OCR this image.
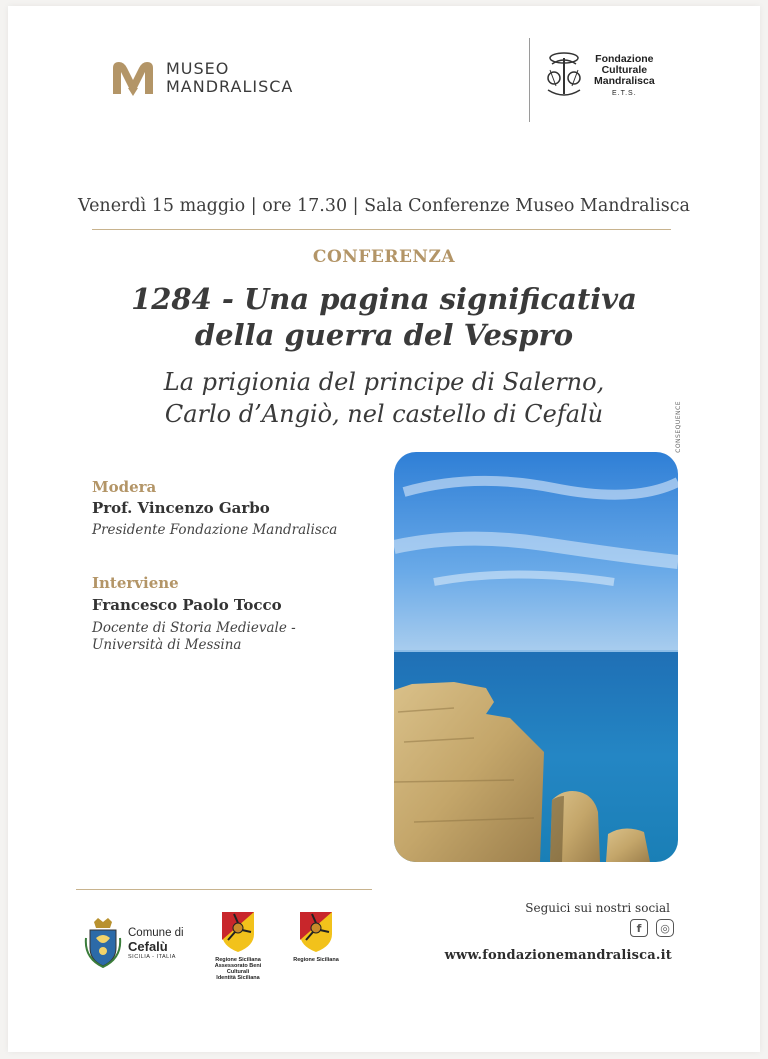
MUSEO
MANDRALISCA
Fondazione
Culturale
Mandralisca
E.T.S.
Venerdì 15 maggio | ore 17.30 | Sala Conferenze Museo Mandralisca
CONFERENZA
1284 - Una pagina significativa
della guerra del Vespro
La prigionia del principe di Salerno,
Carlo d’Angiò, nel castello di Cefalù	CONSEQUENCE
Modera
Prof. Vincenzo Garbo
Presidente Fondazione Mandralisca
Interviene
Francesco Paolo Tocco
Docente di Storia Medievale -
Università di Messina
Comune di
Cefalù
SICILIA - ITALIA
Regione Siciliana
Assessorato Beni Culturali
Identità Siciliana
Regione Siciliana
Seguici sui nostri social
f	◎
www.fondazionemandralisca.it
